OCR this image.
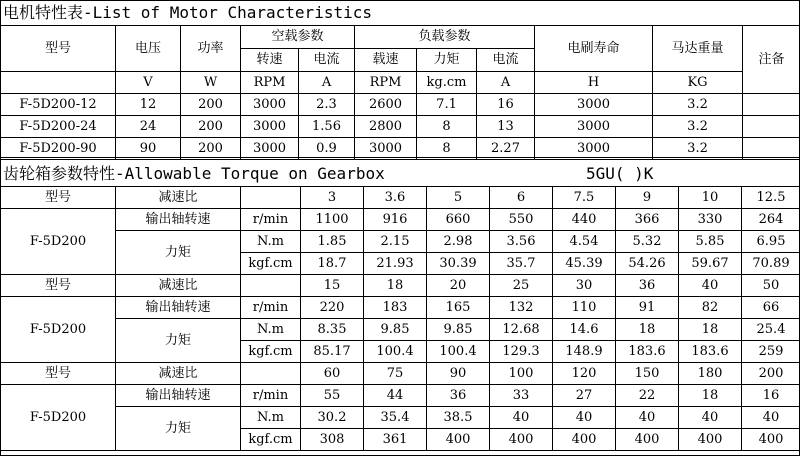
电机特性表-List of Motor Characteristics
型号	电压	功率	空载参数		负载参数			电刷寿命	马达重量	注备
			转速	电流	载速	力矩	电流			
	V	W	RPM	A	RPM	kg.cm	A	H	KG	
F-5D200-12	12	200	3000	2.3	2600	7.1	16	3000	3.2	
F-5D200-24	24	200	3000	1.56	2800	8	13	3000	3.2	
F-5D200-90	90	200	3000	0.9	3000	8	2.27	3000	3.2	
齿轮箱参数特性-Allowable Torque on Gearbox	5GU( )K
型号	减速比		3	3.6	5	6	7.5	9	10	12.5
F-5D200	输出轴转速	r/min	1100	916	660	550	440	366	330	264
	力矩	N.m	1.85	2.15	2.98	3.56	4.54	5.32	5.85	6.95
		kgf.cm	18.7	21.93	30.39	35.7	45.39	54.26	59.67	70.89
型号	减速比		15	18	20	25	30	36	40	50
F-5D200	输出轴转速	r/min	220	183	165	132	110	91	82	66
	力矩	N.m	8.35	9.85	9.85	12.68	14.6	18	18	25.4
		kgf.cm	85.17	100.4	100.4	129.3	148.9	183.6	183.6	259
型号	减速比		60	75	90	100	120	150	180	200
F-5D200	输出轴转速	r/min	55	44	36	33	27	22	18	16
	力矩	N.m	30.2	35.4	38.5	40	40	40	40	40
		kgf.cm	308	361	400	400	400	400	400	400
